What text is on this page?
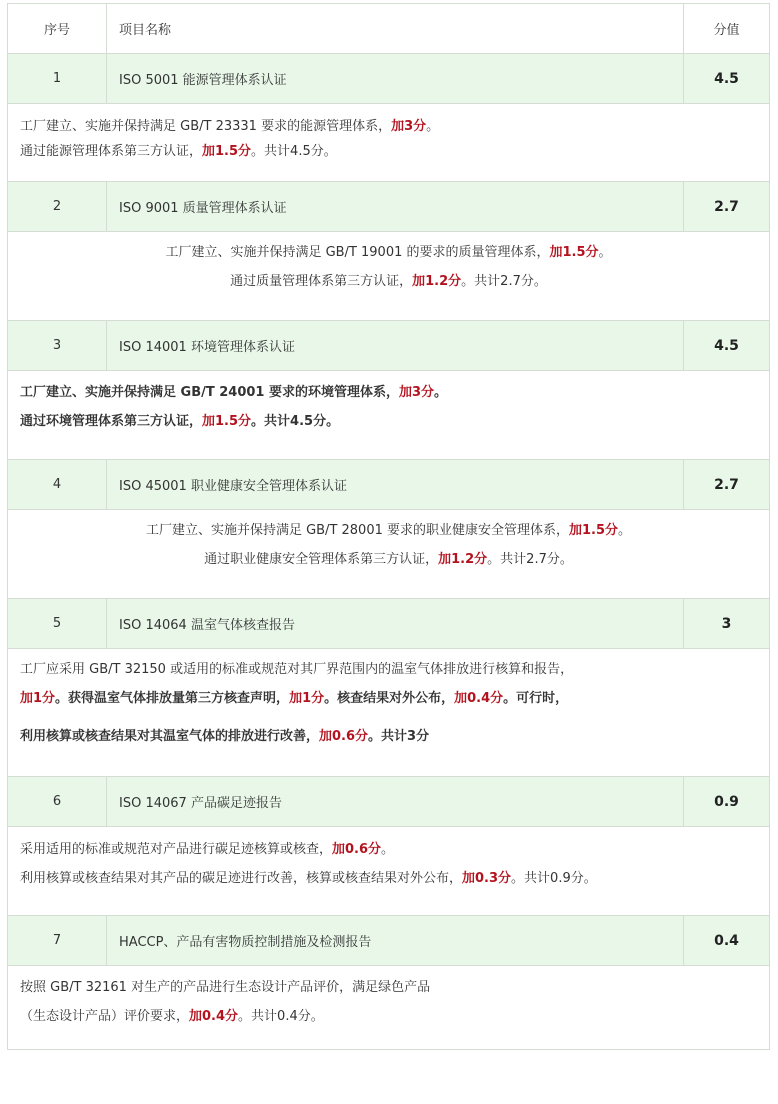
序号	项目名称	分值
1	ISO 5001 能源管理体系认证	4.5
工厂建立、实施并保持满足 GB/T 23331 要求的能源管理体系，加3分。
通过能源管理体系第三方认证，加1.5分。共计4.5分。
2	ISO 9001 质量管理体系认证	2.7
工厂建立、实施并保持满足 GB/T 19001 的要求的质量管理体系，加1.5分。
通过质量管理体系第三方认证，加1.2分。共计2.7分。
3	ISO 14001 环境管理体系认证	4.5
工厂建立、实施并保持满足 GB/T 24001 要求的环境管理体系，加3分。
通过环境管理体系第三方认证，加1.5分。共计4.5分。
4	ISO 45001 职业健康安全管理体系认证	2.7
工厂建立、实施并保持满足 GB/T 28001 要求的职业健康安全管理体系，加1.5分。
通过职业健康安全管理体系第三方认证，加1.2分。共计2.7分。
5	ISO 14064 温室气体核查报告	3
工厂应采用 GB/T 32150 或适用的标准或规范对其厂界范围内的温室气体排放进行核算和报告，
加1分。获得温室气体排放量第三方核查声明，加1分。核查结果对外公布，加0.4分。可行时，
利用核算或核查结果对其温室气体的排放进行改善，加0.6分。共计3分
6	ISO 14067 产品碳足迹报告	0.9
采用适用的标准或规范对产品进行碳足迹核算或核查，加0.6分。
利用核算或核查结果对其产品的碳足迹进行改善，核算或核查结果对外公布，加0.3分。共计0.9分。
7	HACCP、产品有害物质控制措施及检测报告	0.4
按照 GB/T 32161 对生产的产品进行生态设计产品评价，满足绿色产品
（生态设计产品）评价要求，加0.4分。共计0.4分。
